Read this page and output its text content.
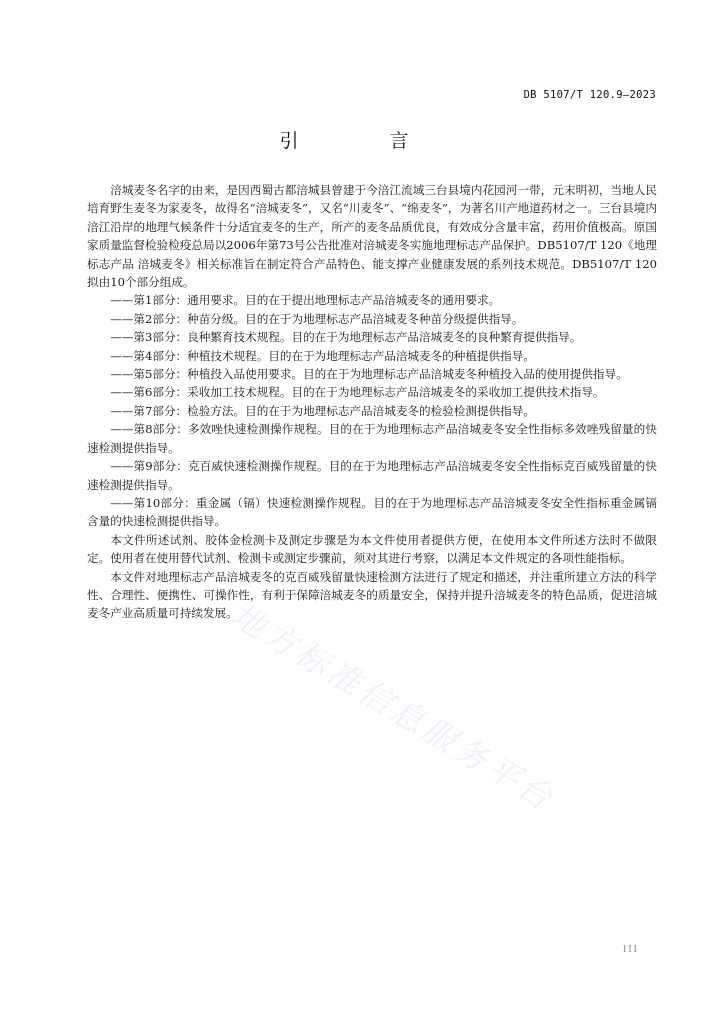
DB 5107/T 120.9—2023
引　言

涪城麦冬名字的由来，是因西蜀古都涪城县曾建于今涪江流域三台县境内花园河一带，元末明初，当地人民培育野生麦冬为家麦冬，故得名“涪城麦冬”，又名“川麦冬”、“绵麦冬”，为著名川产地道药材之一。三台县境内涪江沿岸的地理气候条件十分适宜麦冬的生产，所产的麦冬品质优良，有效成分含量丰富，药用价值极高。原国家质量监督检验检疫总局以2006年第73号公告批准对涪城麦冬实施地理标志产品保护。DB5107/T 120《地理标志产品 涪城麦冬》相关标准旨在制定符合产品特色、能支撑产业健康发展的系列技术规范。DB5107/T 120拟由10个部分组成。

——第1部分：通用要求。目的在于提出地理标志产品涪城麦冬的通用要求。

——第2部分：种苗分级。目的在于为地理标志产品涪城麦冬种苗分级提供指导。

——第3部分：良种繁育技术规程。目的在于为地理标志产品涪城麦冬的良种繁育提供指导。

——第4部分：种植技术规程。目的在于为地理标志产品涪城麦冬的种植提供指导。

——第5部分：种植投入品使用要求。目的在于为地理标志产品涪城麦冬种植投入品的使用提供指导。

——第6部分：采收加工技术规程。目的在于为地理标志产品涪城麦冬的采收加工提供技术指导。

——第7部分：检验方法。目的在于为地理标志产品涪城麦冬的检验检测提供指导。

——第8部分：多效唑快速检测操作规程。目的在于为地理标志产品涪城麦冬安全性指标多效唑残留量的快速检测提供指导。

——第9部分：克百威快速检测操作规程。目的在于为地理标志产品涪城麦冬安全性指标克百威残留量的快速检测提供指导。

——第10部分：重金属（镉）快速检测操作规程。目的在于为地理标志产品涪城麦冬安全性指标重金属镉含量的快速检测提供指导。

本文件所述试剂、胶体金检测卡及测定步骤是为本文件使用者提供方便，在使用本文件所述方法时不做限定。使用者在使用替代试剂、检测卡或测定步骤前，须对其进行考察，以满足本文件规定的各项性能指标。

本文件对地理标志产品涪城麦冬的克百威残留量快速检测方法进行了规定和描述，并注重所建立方法的科学性、合理性、便携性、可操作性，有利于保障涪城麦冬的质量安全，保持并提升涪城麦冬的特色品质，促进涪城麦冬产业高质量可持续发展。

地方标准信息服务平台
III
